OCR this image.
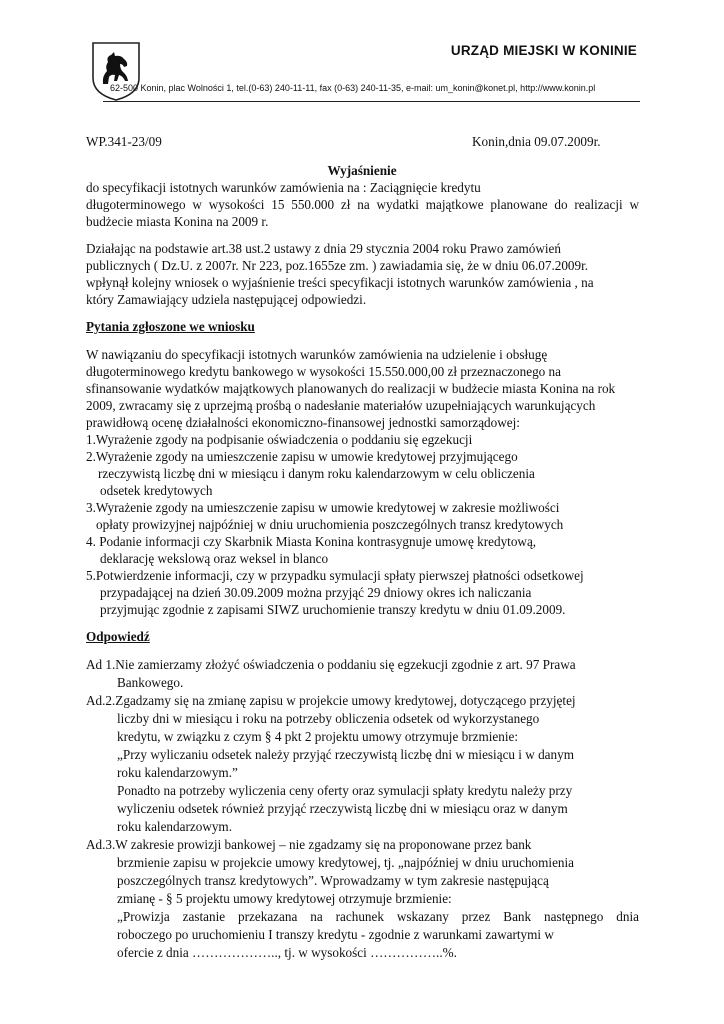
URZĄD MIEJSKI W KONINIE
62-500 Konin, plac Wolności 1, tel.(0-63) 240-11-11, fax (0-63) 240-11-35, e-mail: um_konin@konet.pl, http://www.konin.pl
WP.341-23/09	Konin,dnia 09.07.2009r.
Wyjaśnienie
do specyfikacji istotnych warunków zamówienia na : Zaciągnięcie kredytu
długoterminowego w wysokości 15 550.000 zł na wydatki majątkowe planowane do realizacji w
budżecie miasta Konina na 2009 r.
Działając na podstawie art.38 ust.2 ustawy z dnia 29 stycznia 2004 roku Prawo zamówień
publicznych ( Dz.U. z 2007r. Nr 223, poz.1655ze zm. ) zawiadamia się, że w dniu 06.07.2009r.
wpłynął kolejny wniosek o wyjaśnienie treści specyfikacji istotnych warunków zamówienia , na
który Zamawiający udziela następującej odpowiedzi.
Pytania zgłoszone we wniosku
W nawiązaniu do specyfikacji istotnych warunków zamówienia na udzielenie i obsługę
długoterminowego kredytu bankowego w wysokości 15.550.000,00 zł przeznaczonego na
sfinansowanie wydatków majątkowych planowanych do realizacji w budżecie miasta Konina na rok
2009, zwracamy się z uprzejmą prośbą o nadesłanie materiałów uzupełniających warunkujących
prawidłową ocenę działalności ekonomiczno-finansowej jednostki samorządowej:
1.Wyrażenie zgody na podpisanie oświadczenia o poddaniu się egzekucji
2.Wyrażenie zgody na umieszczenie zapisu w umowie kredytowej przyjmującego
rzeczywistą liczbę dni w miesiącu i danym roku kalendarzowym w celu obliczenia
odsetek kredytowych
3.Wyrażenie zgody na umieszczenie zapisu w umowie kredytowej w zakresie możliwości
opłaty prowizyjnej najpóźniej w dniu uruchomienia poszczególnych transz kredytowych
4. Podanie informacji czy Skarbnik Miasta Konina kontrasygnuje umowę kredytową,
deklarację wekslową oraz weksel in blanco
5.Potwierdzenie informacji, czy w przypadku symulacji spłaty pierwszej płatności odsetkowej
przypadającej na dzień 30.09.2009 można przyjąć 29 dniowy okres ich naliczania
przyjmując zgodnie z zapisami SIWZ uruchomienie transzy kredytu w dniu 01.09.2009.
Odpowiedź
Ad 1.Nie zamierzamy złożyć oświadczenia o poddaniu się egzekucji zgodnie z art. 97 Prawa
Bankowego.
Ad.2.Zgadzamy się na zmianę zapisu w projekcie umowy kredytowej, dotyczącego przyjętej
liczby dni w miesiącu i roku na potrzeby obliczenia odsetek od wykorzystanego
kredytu, w związku z czym § 4 pkt 2 projektu umowy otrzymuje brzmienie:
„Przy wyliczaniu odsetek należy przyjąć rzeczywistą liczbę dni w miesiącu i w danym
roku kalendarzowym.”
Ponadto na potrzeby wyliczenia ceny oferty oraz symulacji spłaty kredytu należy przy
wyliczeniu odsetek również przyjąć rzeczywistą liczbę dni w miesiącu oraz w danym
roku kalendarzowym.
Ad.3.W zakresie prowizji bankowej – nie zgadzamy się na proponowane przez bank
brzmienie zapisu w projekcie umowy kredytowej, tj. „najpóźniej w dniu uruchomienia
poszczególnych transz kredytowych”. Wprowadzamy w tym zakresie następującą
zmianę - § 5 projektu umowy kredytowej otrzymuje brzmienie:
„Prowizja zastanie przekazana na rachunek wskazany przez Bank następnego dnia
roboczego po uruchomieniu I transzy kredytu - zgodnie z warunkami zawartymi w
ofercie z dnia ……………….., tj. w wysokości ……………..%.
